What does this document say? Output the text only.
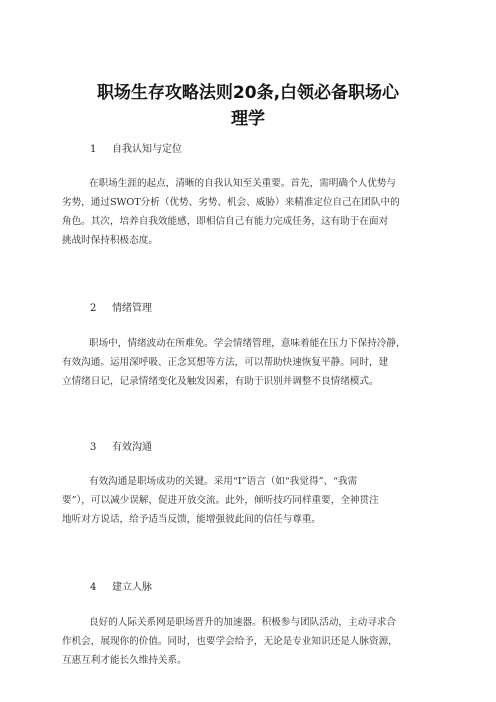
职场生存攻略法则20条,白领必备职场心
理学

1 自我认知与定位

在职场生涯的起点，清晰的自我认知至关重要。首先，需明确个人优势与
劣势，通过SWOT分析（优势、劣势、机会、威胁）来精准定位自己在团队中的
角色。其次，培养自我效能感，即相信自己有能力完成任务，这有助于在面对
挑战时保持积极态度。

2 情绪管理

职场中，情绪波动在所难免。学会情绪管理，意味着能在压力下保持冷静，
有效沟通。运用深呼吸、正念冥想等方法，可以帮助快速恢复平静。同时，建
立情绪日记，记录情绪变化及触发因素，有助于识别并调整不良情绪模式。

3 有效沟通

有效沟通是职场成功的关键。采用“I”语言（如“我觉得”、“我需
要”），可以减少误解，促进开放交流。此外，倾听技巧同样重要，全神贯注
地听对方说话，给予适当反馈，能增强彼此间的信任与尊重。

4 建立人脉

良好的人际关系网是职场晋升的加速器。积极参与团队活动，主动寻求合
作机会，展现你的价值。同时，也要学会给予，无论是专业知识还是人脉资源，
互惠互利才能长久维持关系。
